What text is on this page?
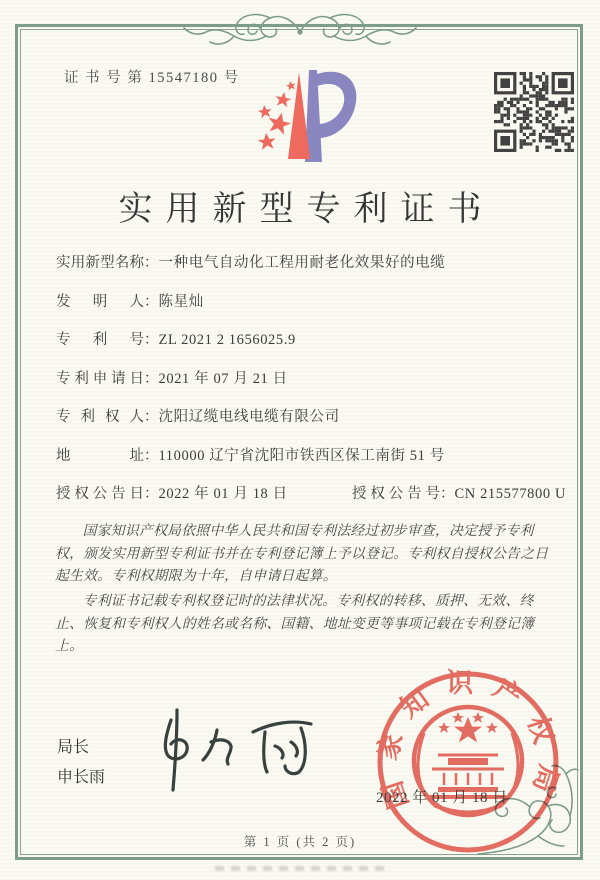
证 书 号 第 15547180 号
实用新型专利证书
实用新型名称 ： 一种电气自动化工程用耐老化效果好的电缆
发明人 ： 陈星灿
专利号 ： ZL 2021 2 1656025.9
专利申请日 ： 2021 年 07 月 21 日
专利权人 ： 沈阳辽缆电线电缆有限公司
地址 ： 110000 辽宁省沈阳市铁西区保工南街 51 号
授权公告日 ： 2022 年 01 月 18 日	授权公告号 ： CN 215577800 U

国家知识产权局依照中华人民共和国专利法经过初步审查，决定授予专利权，颁发实用新型专利证书并在专利登记簿上予以登记。专利权自授权公告之日起生效。专利权期限为十年，自申请日起算。

专利证书记载专利权登记时的法律状况。专利权的转移、质押、无效、终止、恢复和专利权人的姓名或名称、国籍、地址变更等事项记载在专利登记簿上。

局长
申长雨	国家知识产权局
2022 年 01 月 18 日
第 1 页 (共 2 页)
